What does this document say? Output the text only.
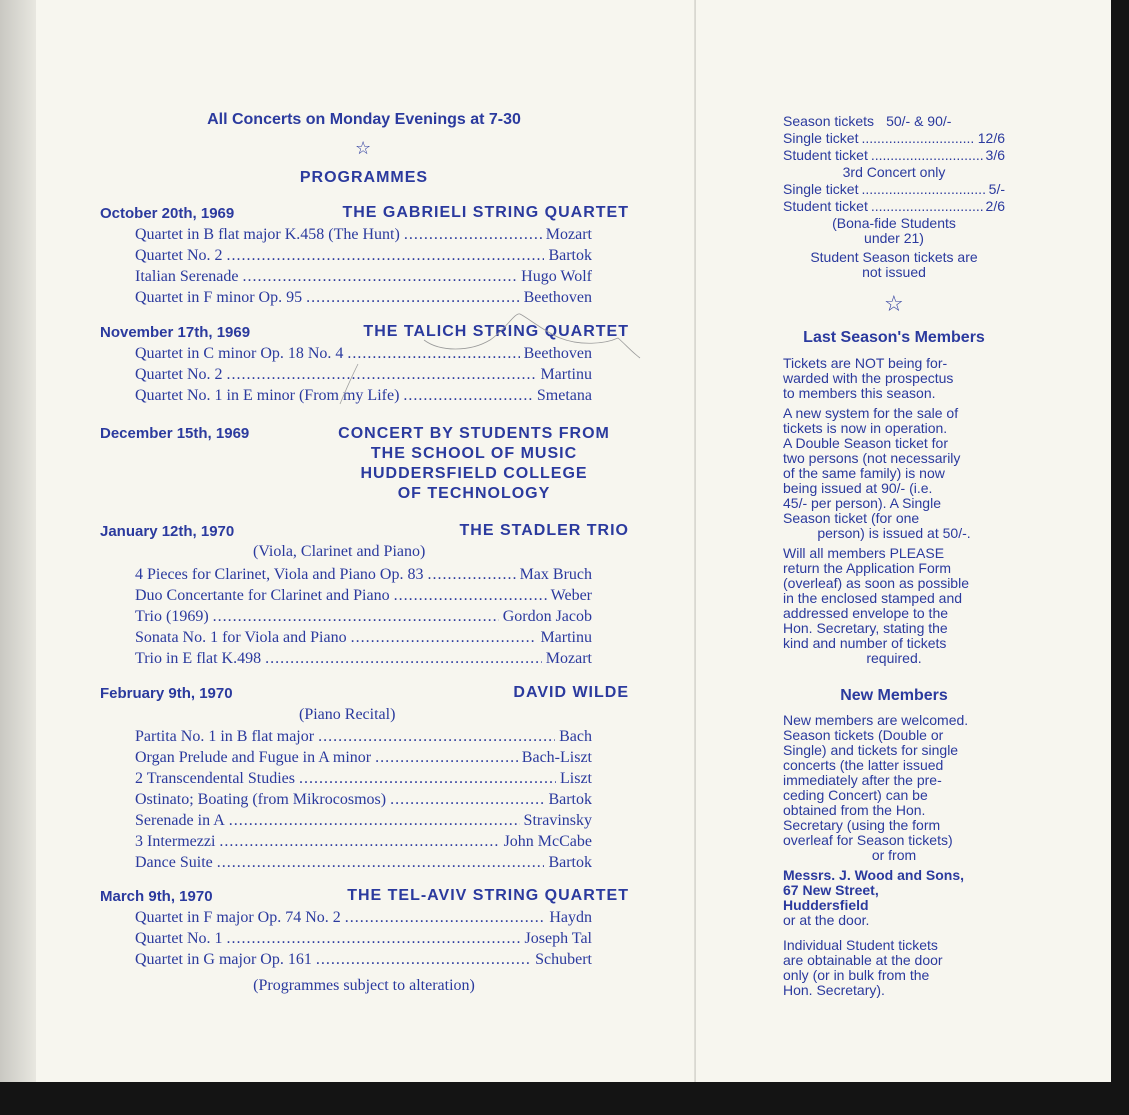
All Concerts on Monday Evenings at 7-30
☆
PROGRAMMES
October 20th, 1969	THE GABRIELI STRING QUARTET
Quartet in B flat major K.458 (The Hunt) .....	Mozart
Quartet No. 2 .....	Bartok
Italian Serenade .....	Hugo Wolf
Quartet in F minor Op. 95 .....	Beethoven
November 17th, 1969	THE TALICH STRING QUARTET
Quartet in C minor Op. 18 No. 4 .....	Beethoven
Quartet No. 2 .....	Martinu
Quartet No. 1 in E minor (From my Life) .....	Smetana
December 15th, 1969	CONCERT BY STUDENTS FROM
THE SCHOOL OF MUSIC
HUDDERSFIELD COLLEGE
OF TECHNOLOGY
January 12th, 1970	THE STADLER TRIO
(Viola, Clarinet and Piano)
4 Pieces for Clarinet, Viola and Piano Op. 83 .....	Max Bruch
Duo Concertante for Clarinet and Piano .....	Weber
Trio (1969) .....	Gordon Jacob
Sonata No. 1 for Viola and Piano .....	Martinu
Trio in E flat K.498 .....	Mozart
February 9th, 1970	DAVID WILDE
(Piano Recital)
Partita No. 1 in B flat major .....	Bach
Organ Prelude and Fugue in A minor .....	Bach-Liszt
2 Transcendental Studies .....	Liszt
Ostinato; Boating (from Mikrocosmos) .....	Bartok
Serenade in A .....	Stravinsky
3 Intermezzi .....	John McCabe
Dance Suite .....	Bartok
March 9th, 1970	THE TEL-AVIV STRING QUARTET
Quartet in F major Op. 74 No. 2 .....	Haydn
Quartet No. 1 .....	Joseph Tal
Quartet in G major Op. 161 .....	Schubert
(Programmes subject to alteration)
Season tickets 50/- & 90/-
Single ticket .....	12/6
Student ticket .....	3/6
3rd Concert only
Single ticket .....	5/-
Student ticket .....	2/6
(Bona-fide Students
under 21)
Student Season tickets are
not issued
☆
Last Season's Members
Tickets are NOT being for-
warded with the prospectus
to members this season.
A new system for the sale of
tickets is now in operation.
A Double Season ticket for
two persons (not necessarily
of the same family) is now
being issued at 90/- (i.e.
45/- per person). A Single
Season ticket (for one
person) is issued at 50/-.
Will all members PLEASE
return the Application Form
(overleaf) as soon as possible
in the enclosed stamped and
addressed envelope to the
Hon. Secretary, stating the
kind and number of tickets
required.
New Members
New members are welcomed.
Season tickets (Double or
Single) and tickets for single
concerts (the latter issued
immediately after the pre-
ceding Concert) can be
obtained from the Hon.
Secretary (using the form
overleaf for Season tickets)
or from
Messrs. J. Wood and Sons,
67 New Street,
Huddersfield
or at the door.
Individual Student tickets
are obtainable at the door
only (or in bulk from the
Hon. Secretary).
